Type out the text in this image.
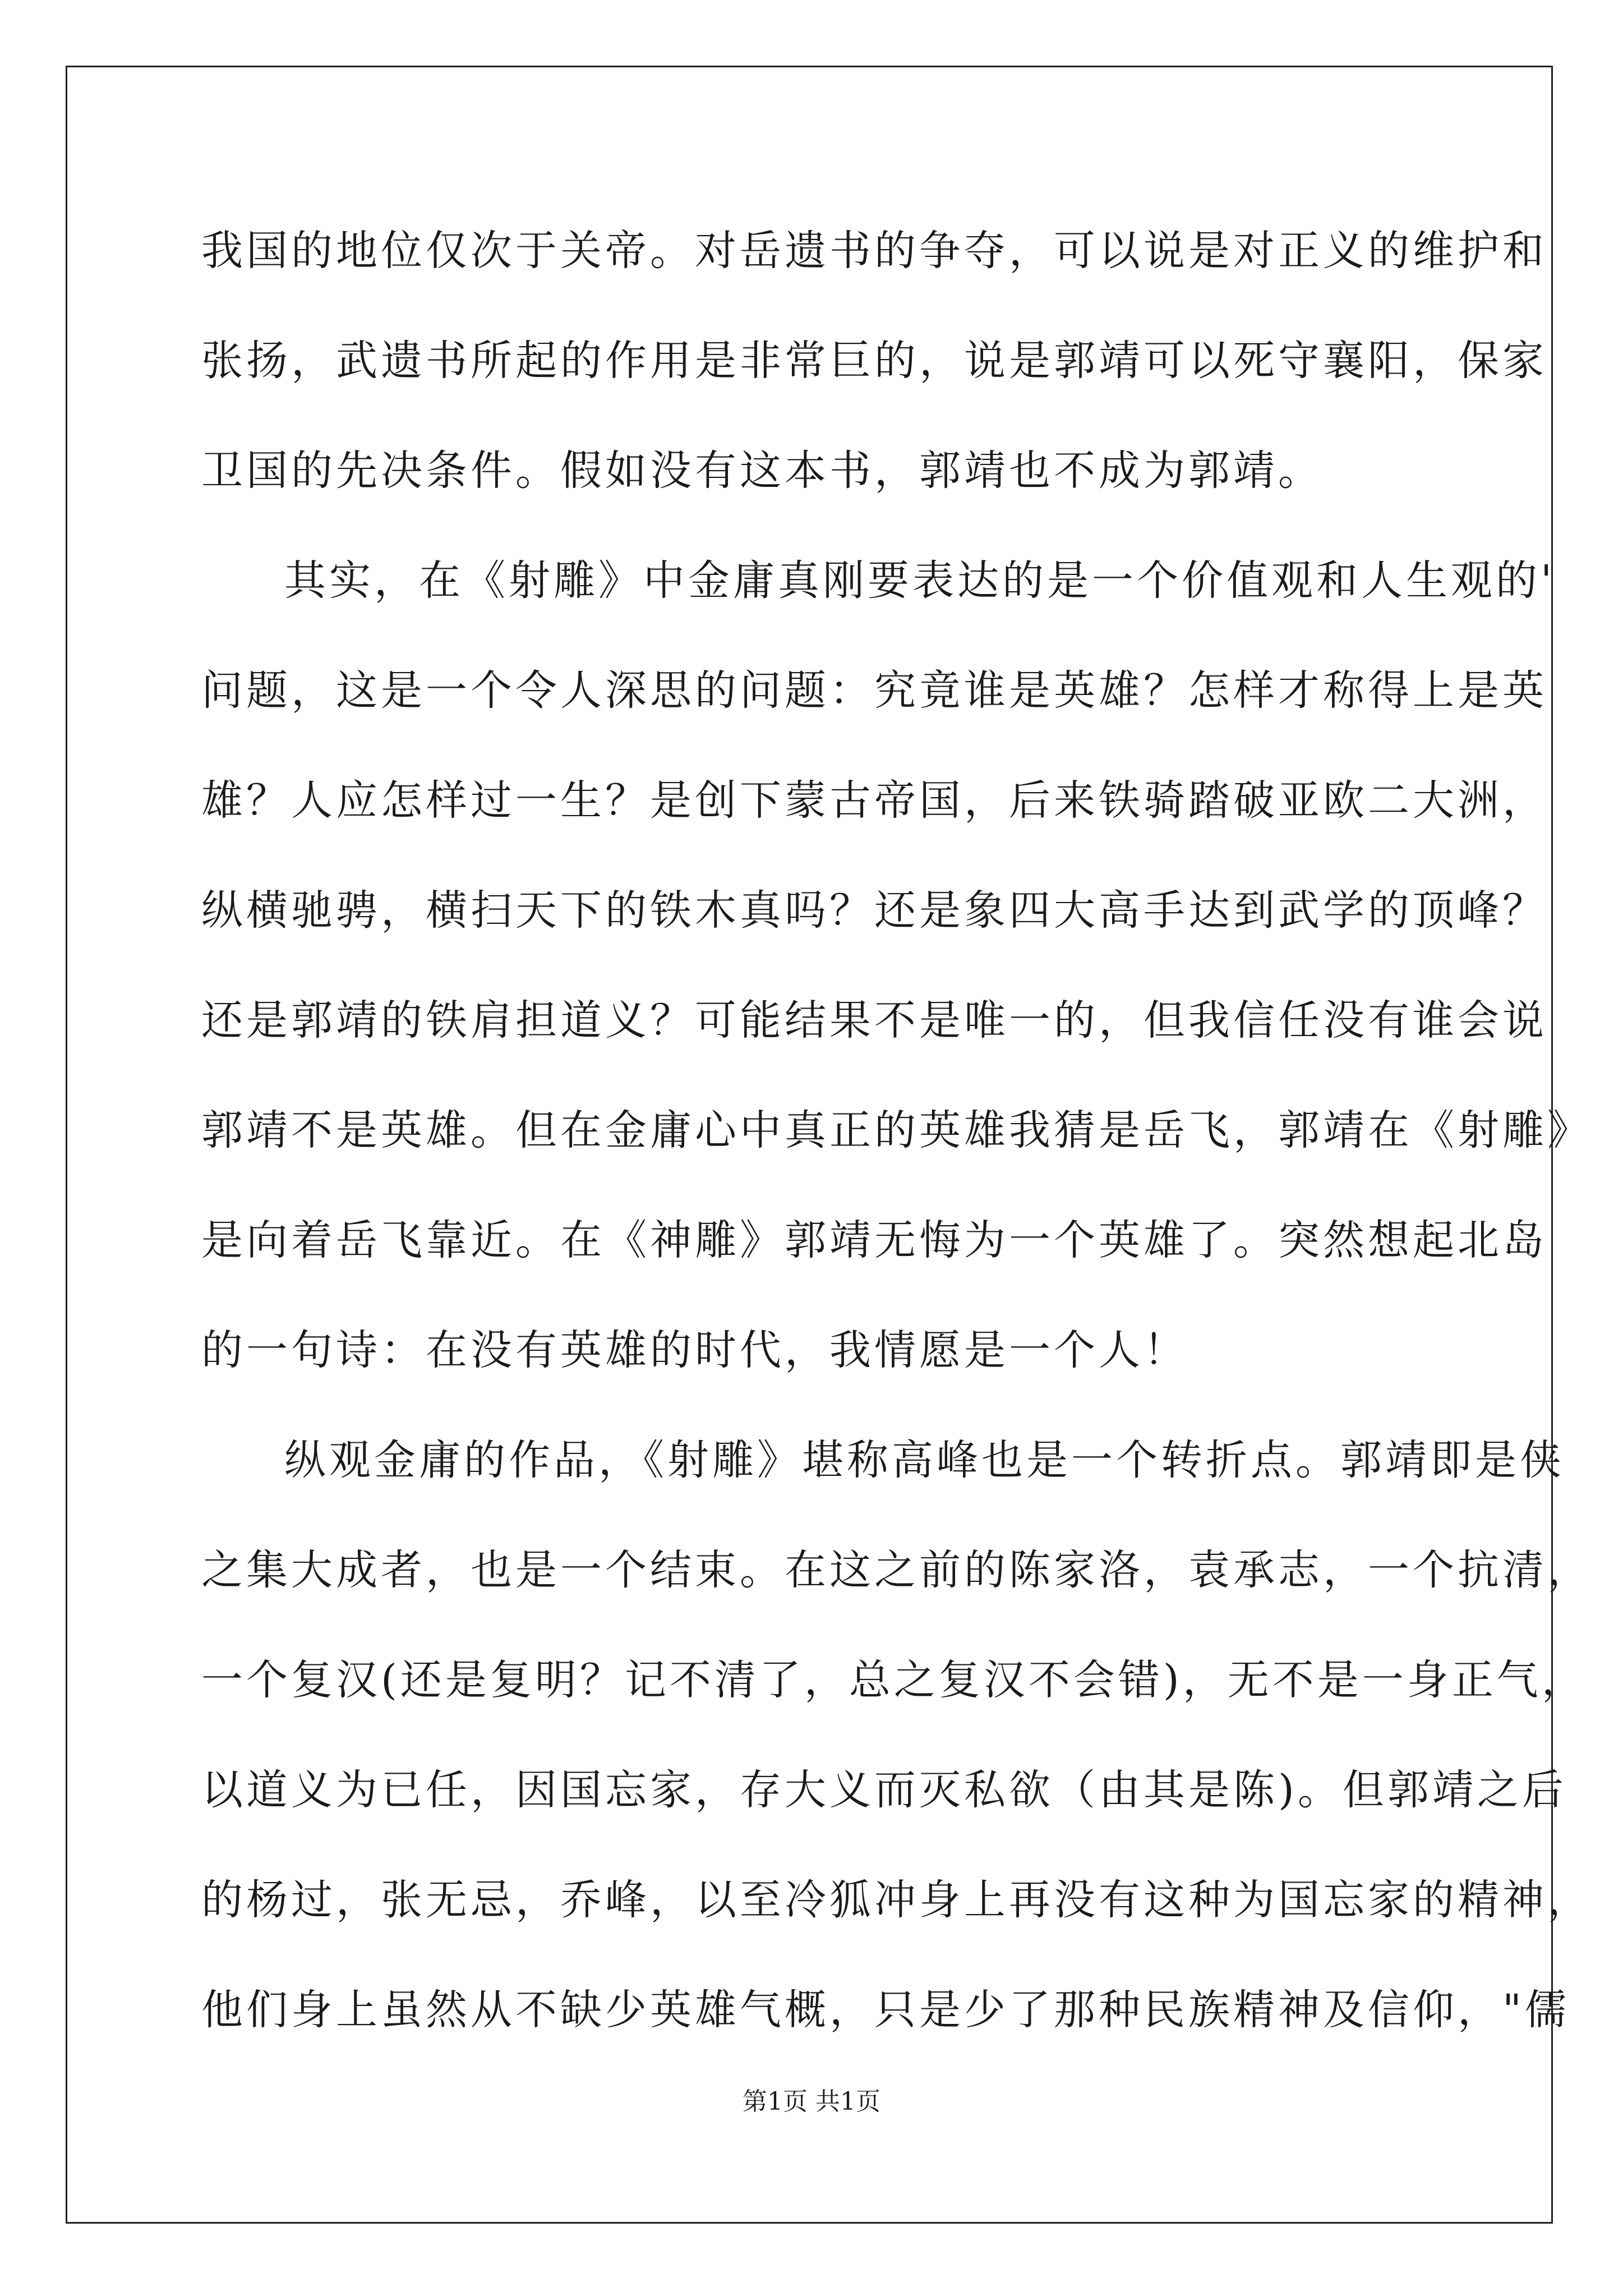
我国的地位仅次于关帝。对岳遗书的争夺，可以说是对正义的维护和
张扬，武遗书所起的作用是非常巨的，说是郭靖可以死守襄阳，保家
卫国的先决条件。假如没有这本书，郭靖也不成为郭靖。
其实，在《射雕》中金庸真刚要表达的是一个价值观和人生观的'
问题，这是一个令人深思的问题：究竟谁是英雄？怎样才称得上是英
雄？人应怎样过一生？是创下蒙古帝国，后来铁骑踏破亚欧二大洲，
纵横驰骋，横扫天下的铁木真吗？还是象四大高手达到武学的顶峰？
还是郭靖的铁肩担道义？可能结果不是唯一的，但我信任没有谁会说
郭靖不是英雄。但在金庸心中真正的英雄我猜是岳飞，郭靖在《射雕》
是向着岳飞靠近。在《神雕》郭靖无悔为一个英雄了。突然想起北岛
的一句诗：在没有英雄的时代，我情愿是一个人！
纵观金庸的作品，《射雕》堪称高峰也是一个转折点。郭靖即是侠
之集大成者，也是一个结束。在这之前的陈家洛，袁承志，一个抗清，
一个复汉(还是复明？记不清了，总之复汉不会错)，无不是一身正气，
以道义为已任，因国忘家，存大义而灭私欲（由其是陈)。但郭靖之后
的杨过，张无忌，乔峰，以至冷狐冲身上再没有这种为国忘家的精神，
他们身上虽然从不缺少英雄气概，只是少了那种民族精神及信仰，"儒
第1页 共1页
